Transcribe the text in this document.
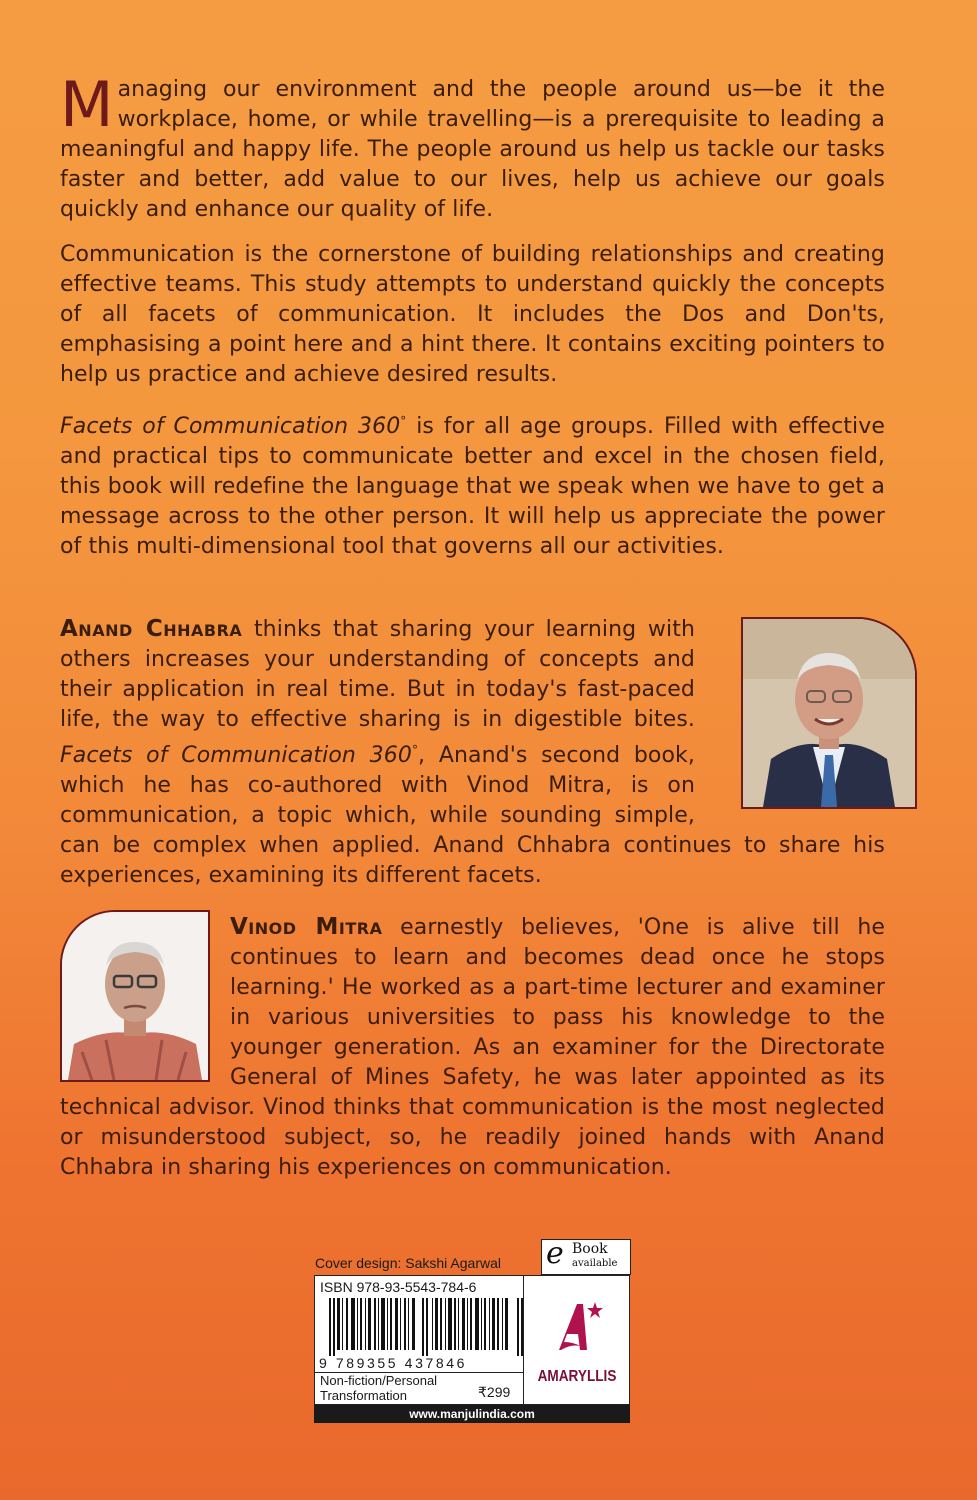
Managing our environment and the people around us—be it the workplace, home, or while travelling—is a prerequisite to leading a meaningful and happy life. The people around us help us tackle our tasks faster and better, add value to our lives, help us achieve our goals quickly and enhance our quality of life.

Communication is the cornerstone of building relationships and creating effective teams. This study attempts to understand quickly the concepts of all facets of communication. It includes the Dos and Don'ts, emphasising a point here and a hint there. It contains exciting pointers to help us practice and achieve desired results.

Facets of Communication 360° is for all age groups. Filled with effective and practical tips to communicate better and excel in the chosen field, this book will redefine the language that we speak when we have to get a message across to the other person. It will help us appreciate the power of this multi-dimensional tool that governs all our activities.

Anand Chhabra thinks that sharing your learning with others increases your understanding of concepts and their application in real time. But in today's fast-paced life, the way to effective sharing is in digestible bites. Facets of Communication 360°, Anand's second book, which he has co-authored with Vinod Mitra, is on communication, a topic which, while sounding simple, can be complex when applied. Anand Chhabra continues to share his experiences, examining its different facets.

Vinod Mitra earnestly believes, 'One is alive till he continues to learn and becomes dead once he stops learning.' He worked as a part-time lecturer and examiner in various universities to pass his knowledge to the younger generation. As an examiner for the Directorate General of Mines Safety, he was later appointed as its technical advisor. Vinod thinks that communication is the most neglected or misunderstood subject, so, he readily joined hands with Anand Chhabra in sharing his experiences on communication.

Cover design: Sakshi Agarwal e Book
available
ISBN 978-93-5543-784-6
9 789355 437846
Non-fiction/Personal Transformation	₹299
AMARYLLIS
www.manjulindia.com
